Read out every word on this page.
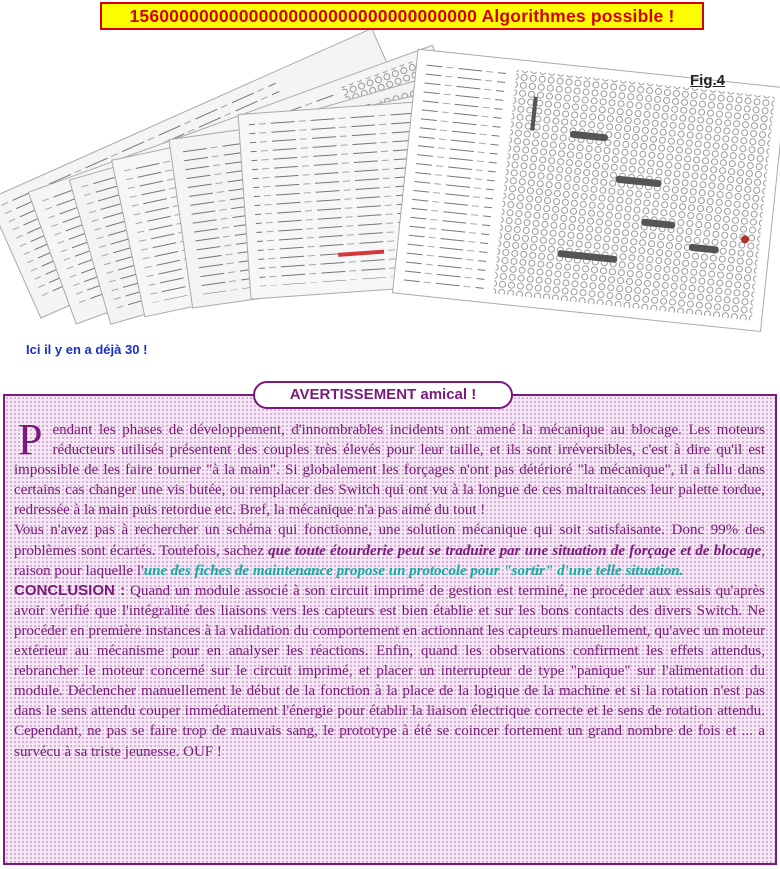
15600000000000000000000000000000000 Algorithmes possible !
Fig.4
Ici il y en a déjà 30 !
AVERTISSEMENT amical !

Pendant les phases de développement, d'innombrables incidents ont amené la mécanique au blocage. Les moteurs réducteurs utilisés présentent des couples très élevés pour leur taille, et ils sont irréversibles, c'est à dire qu'il est impossible de les faire tourner "à la main". Si globalement les forçages n'ont pas détérioré "la mécanique", il a fallu dans certains cas changer une vis butée, ou remplacer des Switch qui ont vu à la longue de ces maltraitances leur palette tordue, redressée à la main puis retordue etc. Bref, la mécanique n'a pas aimé du tout !

Vous n'avez pas à rechercher un schéma qui fonctionne, une solution mécanique qui soit satisfaisante. Donc 99% des problèmes sont écartés. Toutefois, sachez que toute étourderie peut se traduire par une situation de forçage et de blocage, raison pour laquelle l'une des fiches de maintenance propose un protocole pour "sortir" d'une telle situation.

CONCLUSION : Quand un module associé à son circuit imprimé de gestion est terminé, ne procéder aux essais qu'après avoir vérifié que l'intégralité des liaisons vers les capteurs est bien établie et sur les bons contacts des divers Switch. Ne procéder en première instances à la validation du comportement en actionnant les capteurs manuellement, qu'avec un moteur extérieur au mécanisme pour en analyser les réactions. Enfin, quand les observations confirment les effets attendus, rebrancher le moteur concerné sur le circuit imprimé, et placer un interrupteur de type "panique" sur l'alimentation du module. Déclencher manuellement le début de la fonction à la place de la logique de la machine et si la rotation n'est pas dans le sens attendu couper immédiatement l'énergie pour établir la liaison électrique correcte et le sens de rotation attendu. Cependant, ne pas se faire trop de mauvais sang, le prototype à été se coincer fortement un grand nombre de fois et ... a survécu à sa triste jeunesse. OUF !
